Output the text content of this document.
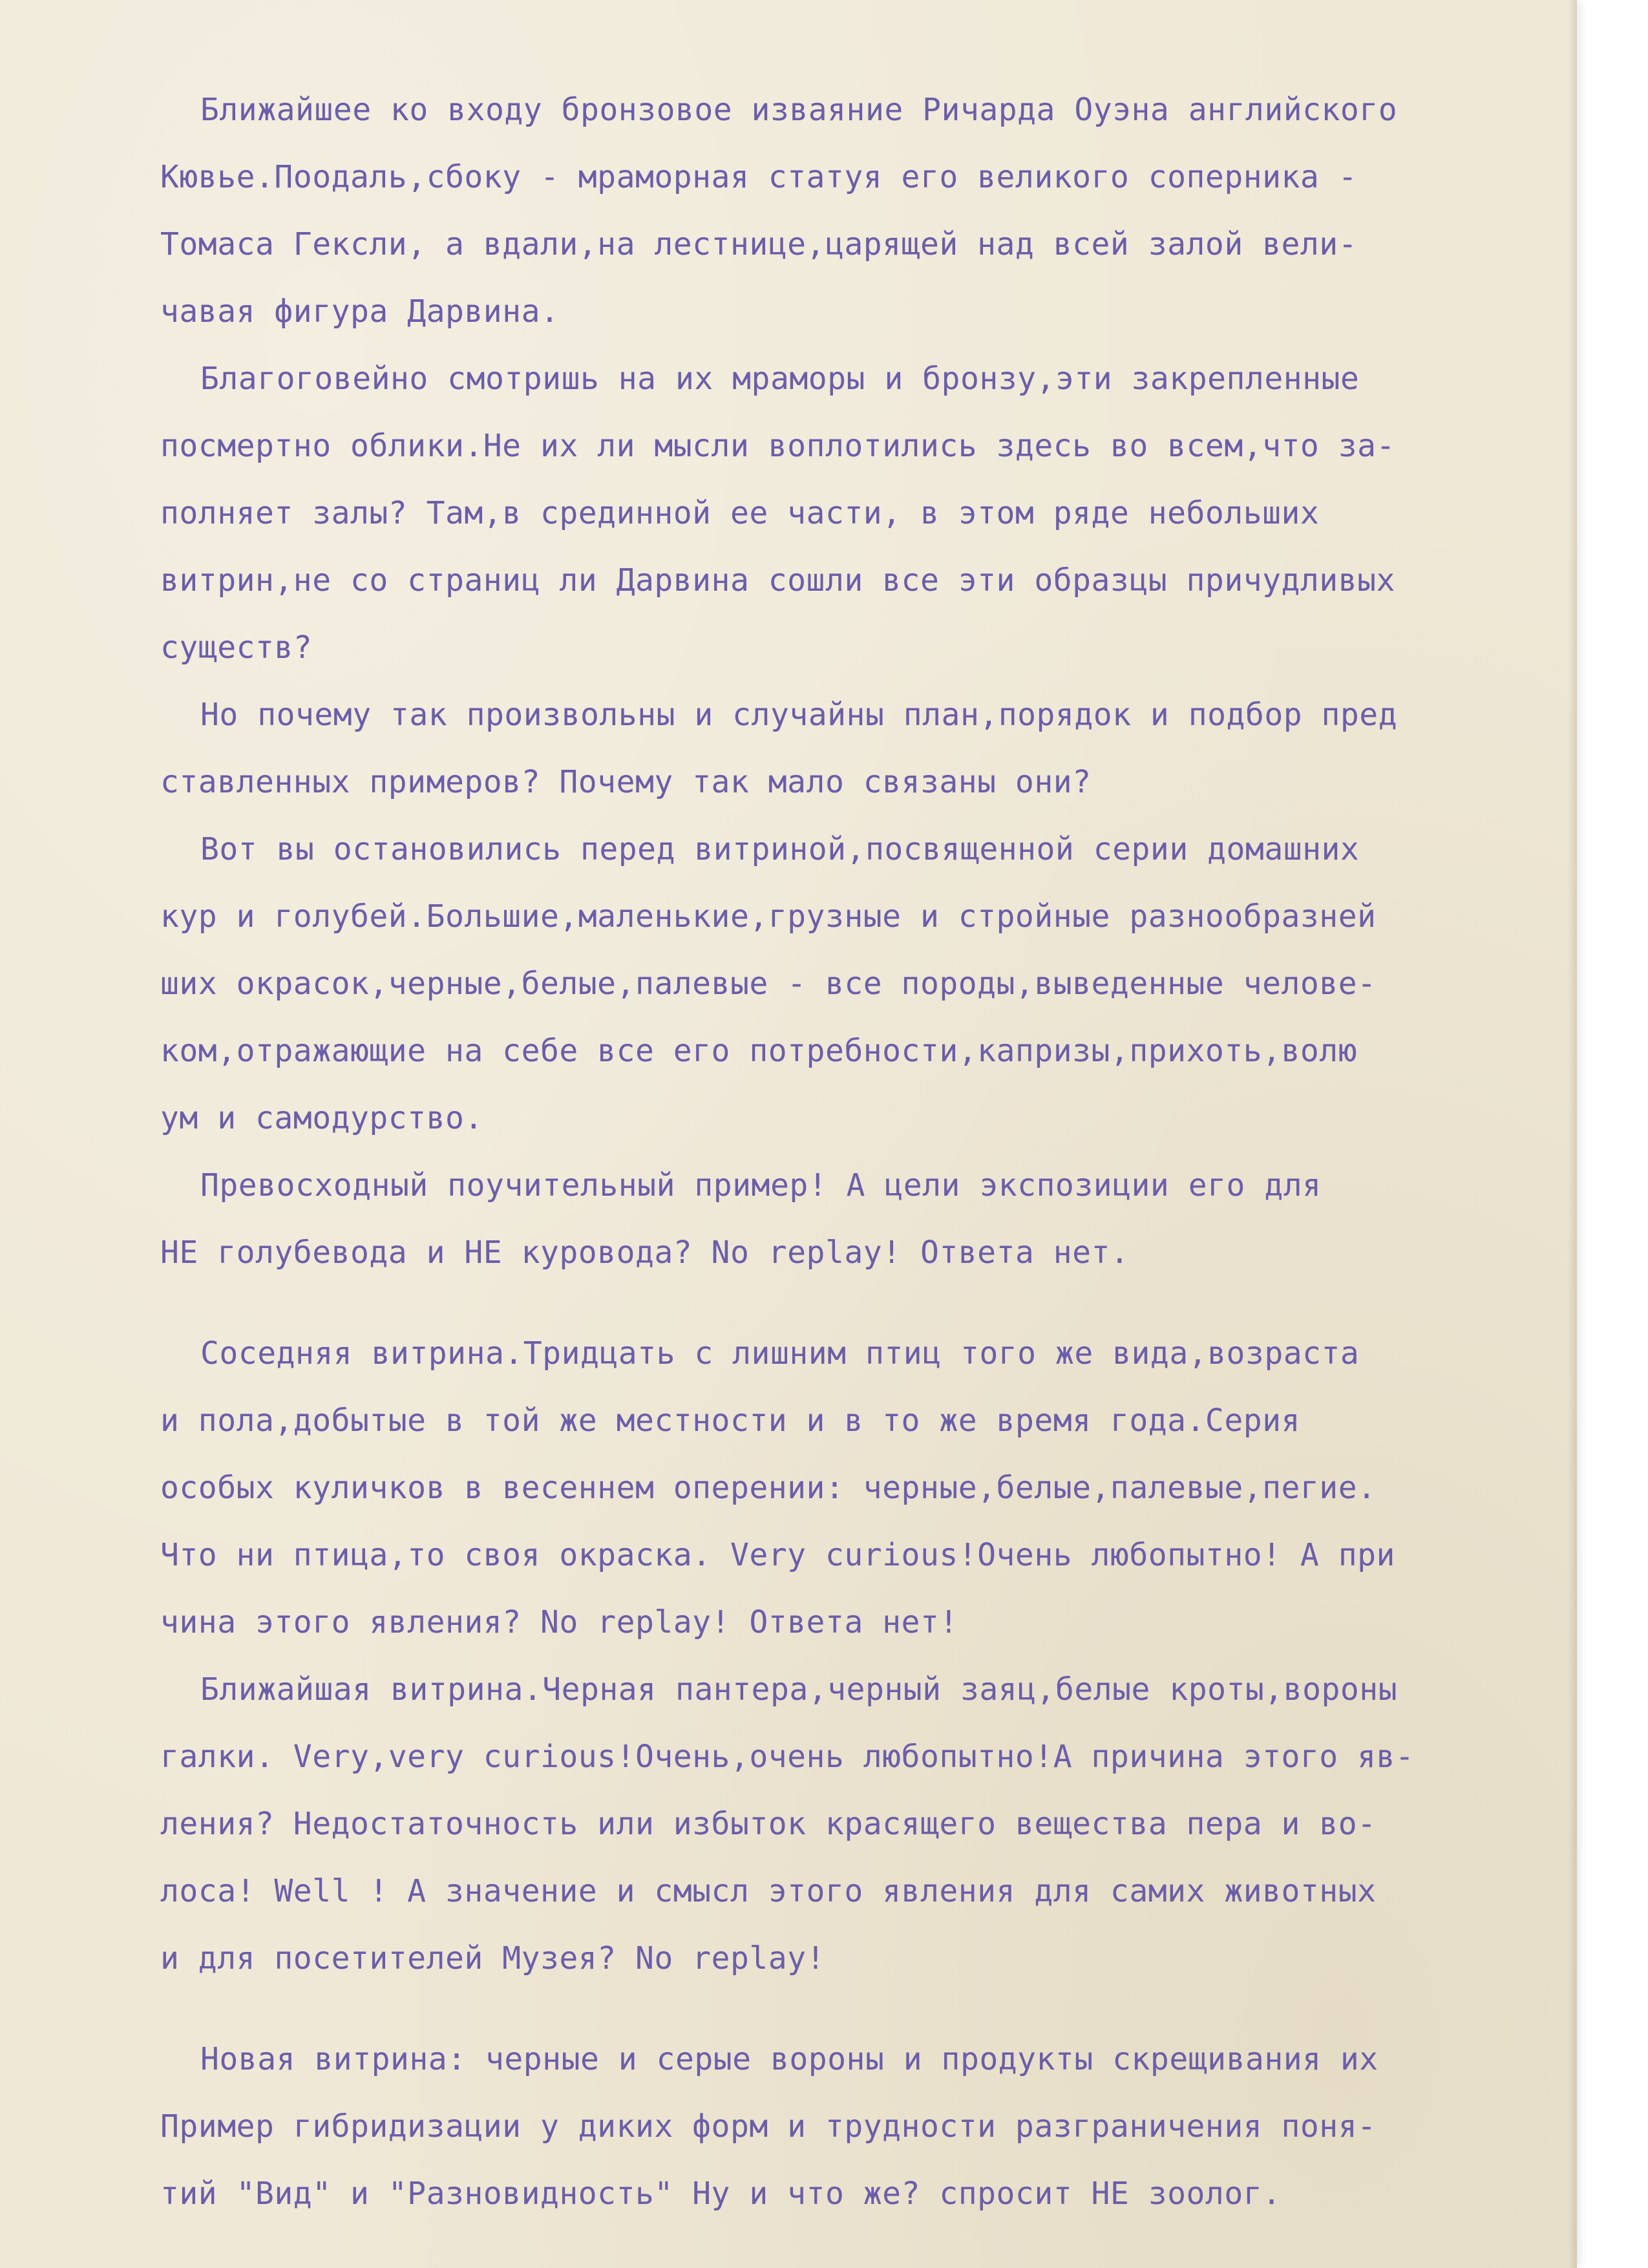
Ближайшее ко входу бронзовое изваяние Ричарда Оуэна английского
Кювье.Поодаль,сбоку - мраморная статуя его великого соперника -
Томаса Гексли, а вдали,на лестнице,царящей над всей залой вели-
чавая фигура Дарвина.
Благоговейно смотришь на их мраморы и бронзу,эти закрепленные
посмертно облики.Не их ли мысли воплотились здесь во всем,что за-
полняет залы? Там,в срединной ее части, в этом ряде небольших
витрин,не со страниц ли Дарвина сошли все эти образцы причудливых
существ?
Но почему так произвольны и случайны план,порядок и подбор пред
ставленных примеров? Почему так мало связаны они?
Вот вы остановились перед витриной,посвященной серии домашних
кур и голубей.Большие,маленькие,грузные и стройные разнообразней
ших окрасок,черные,белые,палевые - все породы,выведенные челове-
ком,отражающие на себе все его потребности,капризы,прихоть,волю
ум и самодурство.
Превосходный поучительный пример! А цели экспозиции его для
НЕ голубевода и НЕ куровода? No replay! Ответа нет.
Соседняя витрина.Тридцать с лишним птиц того же вида,возраста
и пола,добытые в той же местности и в то же время года.Серия
особых куличков в весеннем оперении: черные,белые,палевые,пегие.
Что ни птица,то своя окраска. Very curious!Очень любопытно! А при
чина этого явления? No replay! Ответа нет!
Ближайшая витрина.Черная пантера,черный заяц,белые кроты,вороны
галки. Very,very curious!Очень,очень любопытно!А причина этого яв-
ления? Недостаточность или избыток красящего вещества пера и во-
лоса! Well ! А значение и смысл этого явления для самих животных
и для посетителей Музея? No replay!
Новая витрина: черные и серые вороны и продукты скрещивания их
Пример гибридизации у диких форм и трудности разграничения поня-
тий "Вид" и "Разновидность" Ну и что же? спросит НЕ зоолог.
